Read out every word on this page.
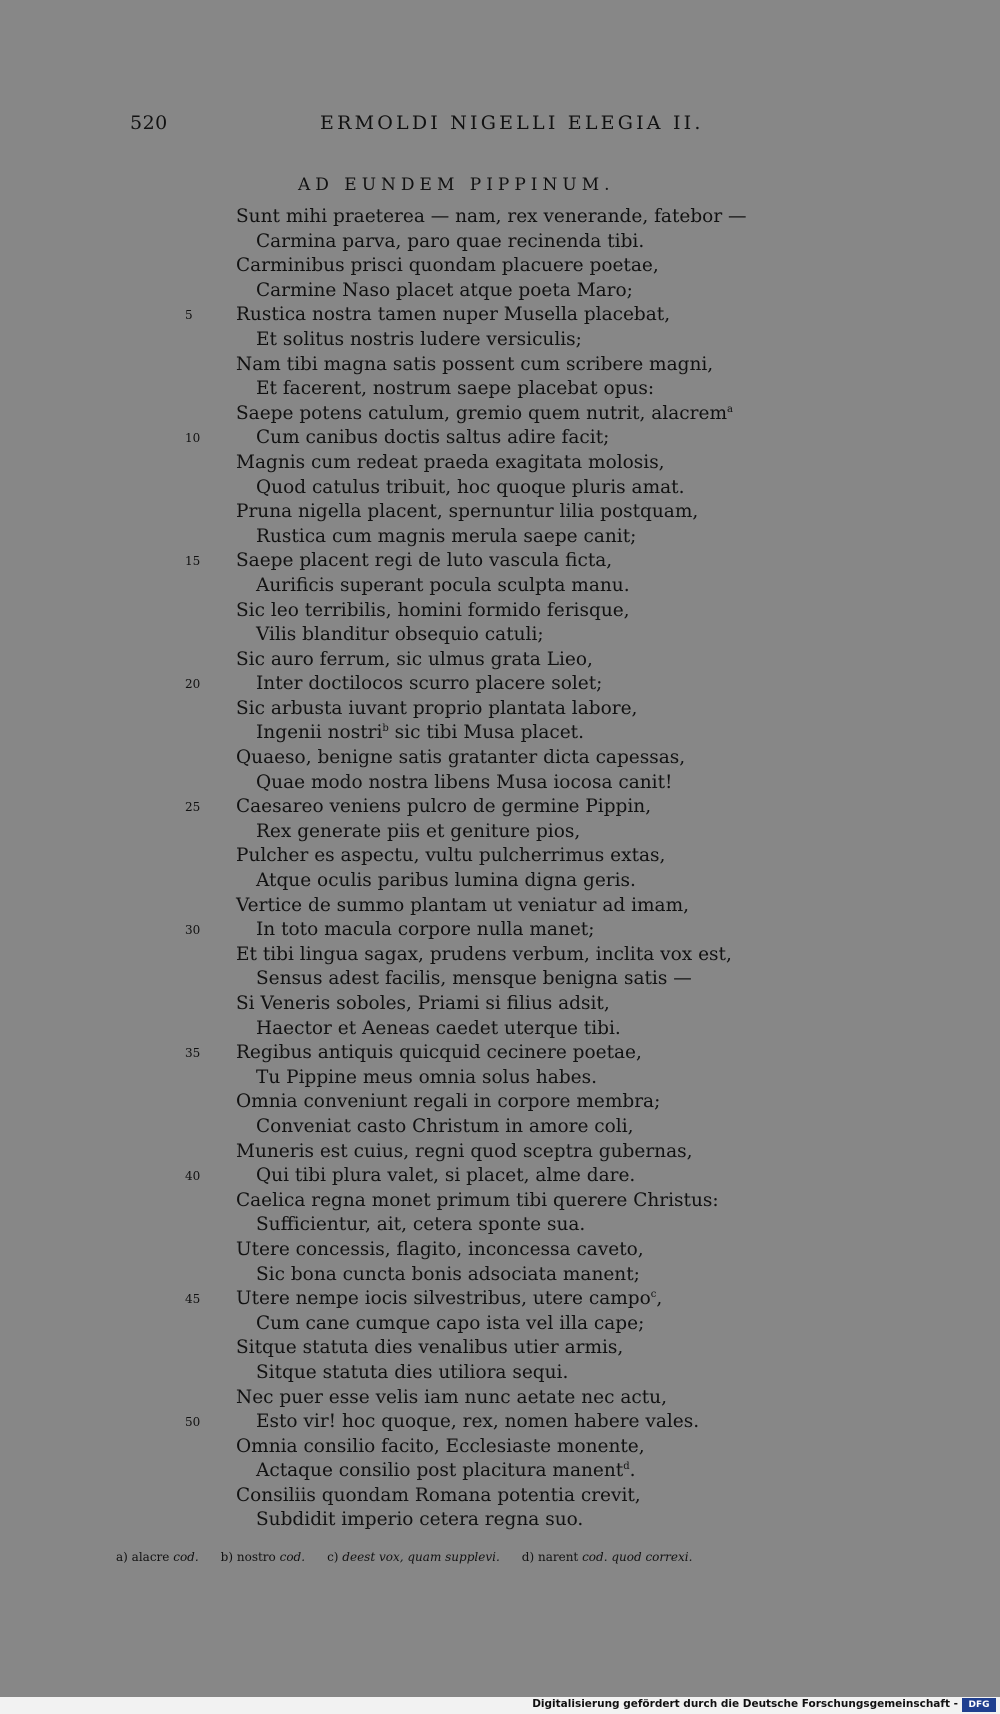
520	ERMOLDI NIGELLI ELEGIA II.
AD EUNDEM PIPPINUM.
Sunt mihi praeterea — nam, rex venerande, fatebor —
Carmina parva, paro quae recinenda tibi.
Carminibus prisci quondam placuere poetae,
Carmine Naso placet atque poeta Maro;
5	Rustica nostra tamen nuper Musella placebat,
Et solitus nostris ludere versiculis;
Nam tibi magna satis possent cum scribere magni,
Et facerent, nostrum saepe placebat opus:
Saepe potens catulum, gremio quem nutrit, alacrem$^a$
10	Cum canibus doctis saltus adire facit;
Magnis cum redeat praeda exagitata molosis,
Quod catulus tribuit, hoc quoque pluris amat.
Pruna nigella placent, spernuntur lilia postquam,
Rustica cum magnis merula saepe canit;
15	Saepe placent regi de luto vascula ficta,
Aurificis superant pocula sculpta manu.
Sic leo terribilis, homini formido ferisque,
Vilis blanditur obsequio catuli;
Sic auro ferrum, sic ulmus grata Lieo,
20	Inter doctilocos scurro placere solet;
Sic arbusta iuvant proprio plantata labore,
Ingenii nostri$^b$ sic tibi Musa placet.
Quaeso, benigne satis gratanter dicta capessas,
Quae modo nostra libens Musa iocosa canit!
25	Caesareo veniens pulcro de germine Pippin,
Rex generate piis et geniture pios,
Pulcher es aspectu, vultu pulcherrimus extas,
Atque oculis paribus lumina digna geris.
Vertice de summo plantam ut veniatur ad imam,
30	In toto macula corpore nulla manet;
Et tibi lingua sagax, prudens verbum, inclita vox est,
Sensus adest facilis, mensque benigna satis —
Si Veneris soboles, Priami si filius adsit,
Haector et Aeneas caedet uterque tibi.
35	Regibus antiquis quicquid cecinere poetae,
Tu Pippine meus omnia solus habes.
Omnia conveniunt regali in corpore membra;
Conveniat casto Christum in amore coli,
Muneris est cuius, regni quod sceptra gubernas,
40	Qui tibi plura valet, si placet, alme dare.
Caelica regna monet primum tibi querere Christus:
Sufficientur, ait, cetera sponte sua.
Utere concessis, flagito, inconcessa caveto,
Sic bona cuncta bonis adsociata manent;
45	Utere nempe iocis silvestribus, utere campo$^c$,
Cum cane cumque capo ista vel illa cape;
Sitque statuta dies venalibus utier armis,
Sitque statuta dies utiliora sequi.
Nec puer esse velis iam nunc aetate nec actu,
50	Esto vir! hoc quoque, rex, nomen habere vales.
Omnia consilio facito, Ecclesiaste monente,
Actaque consilio post placitura manent$^d$.
Consiliis quondam Romana potentia crevit,
Subdidit imperio cetera regna suo.
a) alacre cod. b) nostro cod. c) deest vox, quam supplevi. d) narent cod. quod correxi.
Digitalisierung gefördert durch die Deutsche Forschungsgemeinschaft -	DFG
